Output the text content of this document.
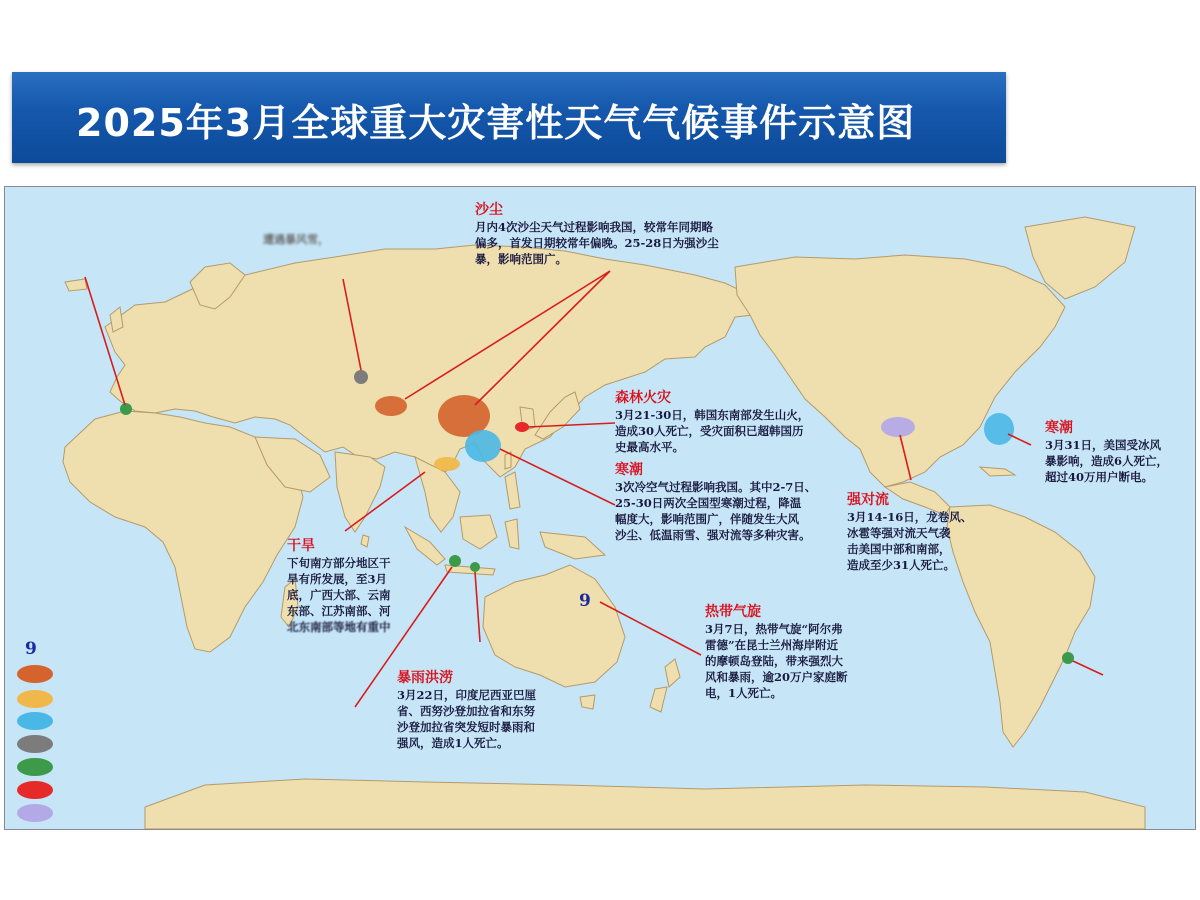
2025年3月全球重大灾害性天气气候事件示意图
沙尘
月内4次沙尘天气过程影响我国，较常年同期略
偏多，首发日期较常年偏晚。25-28日为强沙尘
暴，影响范围广。
遭遇暴风雪，
森林火灾
3月21-30日，韩国东南部发生山火，
造成30人死亡，受灾面积已超韩国历
史最高水平。
寒潮
3次冷空气过程影响我国。其中2-7日、
25-30日两次全国型寒潮过程，降温
幅度大，影响范围广，伴随发生大风
沙尘、低温雨雪、强对流等多种灾害。
干旱
下旬南方部分地区干
旱有所发展，至3月
底，广西大部、云南
东部、江苏南部、河
北东南部等地有重中
暴雨洪涝
3月22日，印度尼西亚巴厘
省、西努沙登加拉省和东努
沙登加拉省突发短时暴雨和
强风，造成1人死亡。
热带气旋
3月7日，热带气旋“阿尔弗
雷德”在昆士兰州海岸附近
的摩顿岛登陆，带来强烈大
风和暴雨，逾20万户家庭断
电，1人死亡。
强对流
3月14-16日，龙卷风、
冰雹等强对流天气袭
击美国中部和南部，
造成至少31人死亡。
寒潮
3月31日，美国受冰风
暴影响，造成6人死亡，
超过40万用户断电。
9
9
